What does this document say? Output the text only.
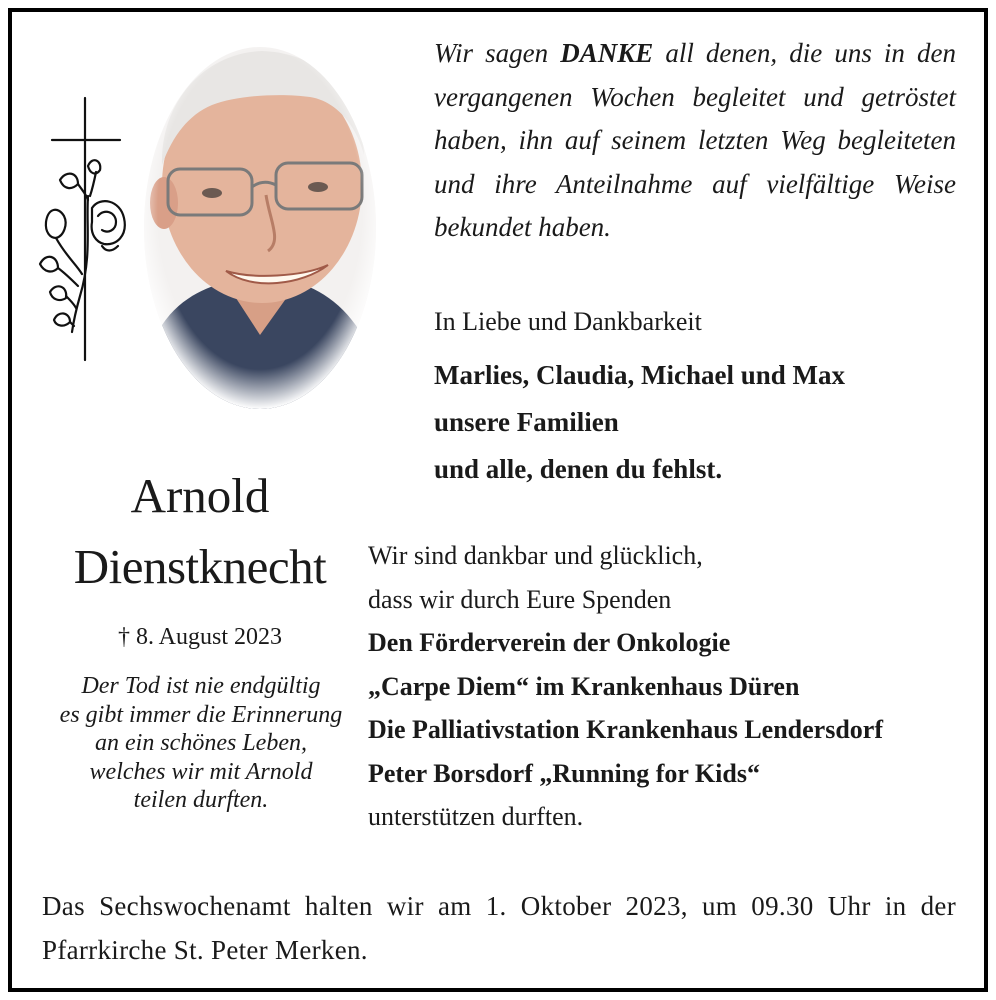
Wir sagen DANKE all denen, die uns in den vergangenen Wochen begleitet und getröstet haben, ihn auf seinem letzten Weg begleiteten und ihre Anteilnahme auf vielfältige Weise bekundet haben.

In Liebe und Dankbarkeit
Marlies, Claudia, Michael und Max
unsere Familien
und alle, denen du fehlst.
Arnold
Dienstknecht
† 8. August 2023
Der Tod ist nie endgültig
es gibt immer die Erinnerung
an ein schönes Leben,
welches wir mit Arnold
teilen durften.
Wir sind dankbar und glücklich,
dass wir durch Eure Spenden
Den Förderverein der Onkologie
„Carpe Diem“ im Krankenhaus Düren
Die Palliativstation Krankenhaus Lendersdorf
Peter Borsdorf „Running for Kids“
unterstützen durften.

Das Sechswochenamt halten wir am 1. Oktober 2023, um 09.30 Uhr in der Pfarrkirche St. Peter Merken.
